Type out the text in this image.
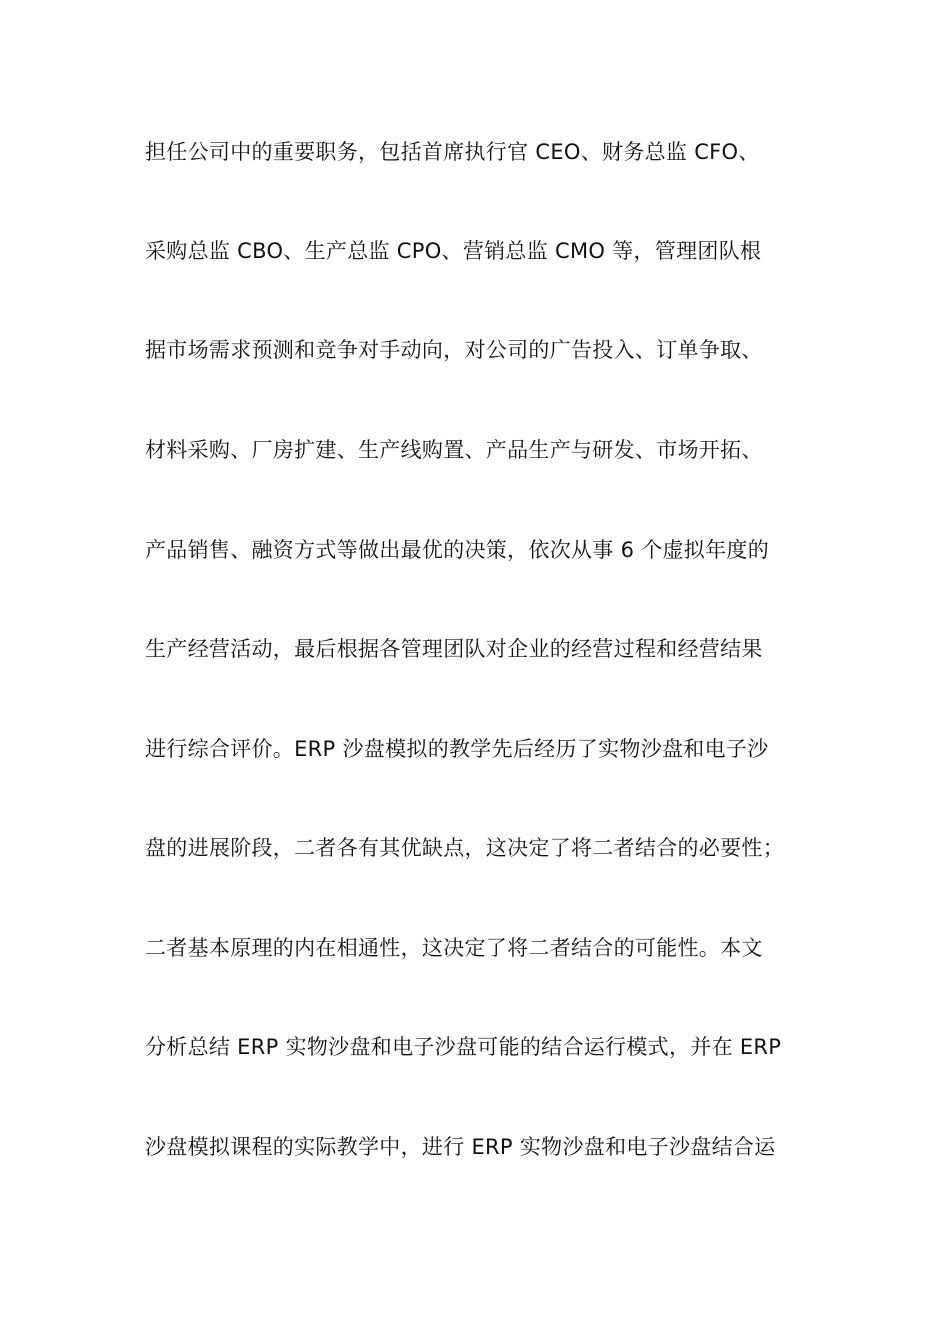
担任公司中的重要职务，包括首席执行官 CEO、财务总监 CFO、

采购总监 CBO、生产总监 CPO、营销总监 CMO 等，管理团队根

据市场需求预测和竞争对手动向，对公司的广告投入、订单争取、

材料采购、厂房扩建、生产线购置、产品生产与研发、市场开拓、

产品销售、融资方式等做出最优的决策，依次从事 6 个虚拟年度的

生产经营活动，最后根据各管理团队对企业的经营过程和经营结果

进行综合评价。ERP 沙盘模拟的教学先后经历了实物沙盘和电子沙

盘的进展阶段，二者各有其优缺点，这决定了将二者结合的必要性；

二者基本原理的内在相通性，这决定了将二者结合的可能性。本文

分析总结 ERP 实物沙盘和电子沙盘可能的结合运行模式，并在 ERP

沙盘模拟课程的实际教学中，进行 ERP 实物沙盘和电子沙盘结合运
